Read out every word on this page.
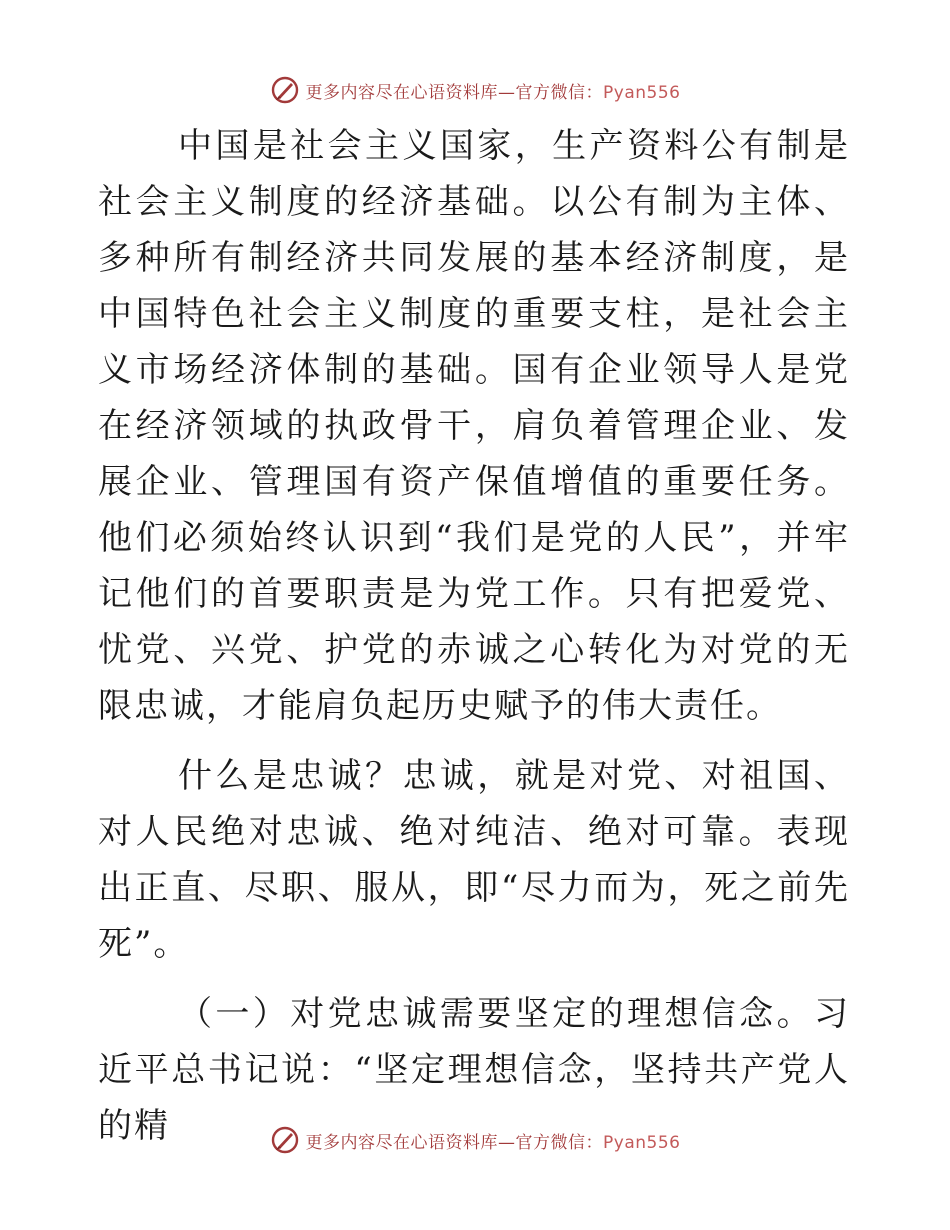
更多内容尽在心语资料库—官方微信：Pyan556

中国是社会主义国家，生产资料公有制是社会主义制度的经济基础。以公有制为主体、多种所有制经济共同发展的基本经济制度，是中国特色社会主义制度的重要支柱，是社会主义市场经济体制的基础。国有企业领导人是党在经济领域的执政骨干，肩负着管理企业、发展企业、管理国有资产保值增值的重要任务。他们必须始终认识到“我们是党的人民”，并牢记他们的首要职责是为党工作。只有把爱党、忧党、兴党、护党的赤诚之心转化为对党的无限忠诚，才能肩负起历史赋予的伟大责任。

什么是忠诚？忠诚，就是对党、对祖国、对人民绝对忠诚、绝对纯洁、绝对可靠。表现出正直、尽职、服从，即“尽力而为，死之前先死”。

（一）对党忠诚需要坚定的理想信念。习近平总书记说：“坚定理想信念，坚持共产党人的精	更多内容尽在心语资料库—官方微信：Pyan556
